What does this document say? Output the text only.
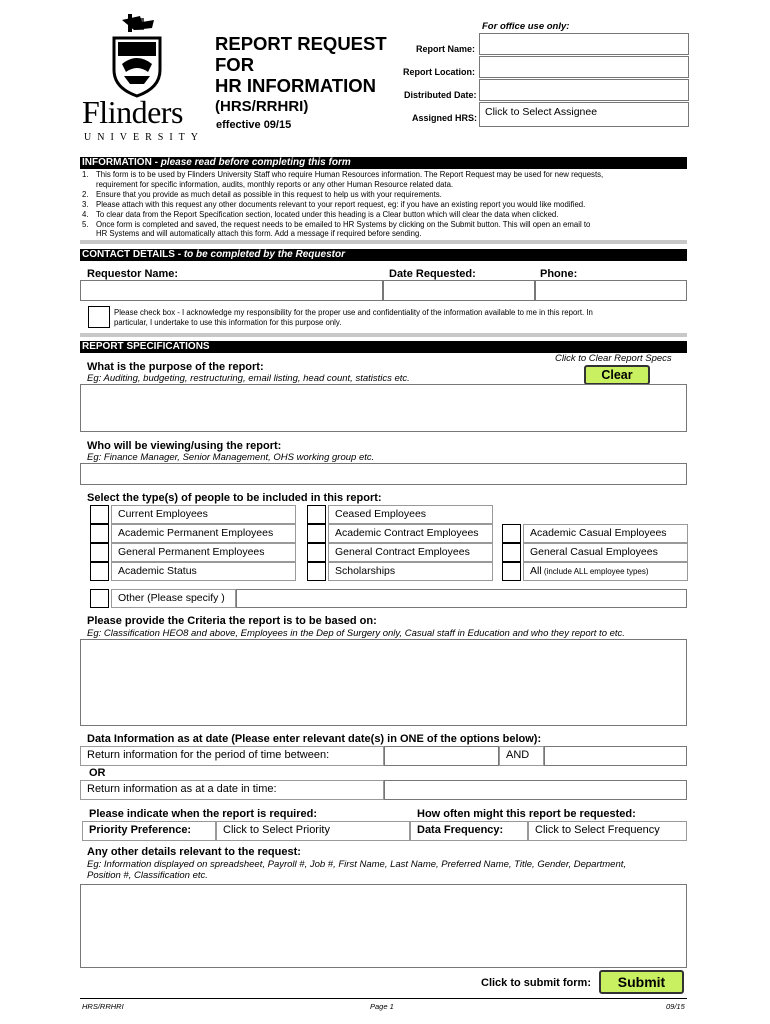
Flinders
UNIVERSITY
REPORT REQUEST
FOR
HR INFORMATION
(HRS/RRHRI)
effective 09/15
For office use only:
Report Name:
Report Location:
Distributed Date:
Assigned HRS: Click to Select Assignee
INFORMATION - please read before completing this form
1. This form is to be used by Flinders University Staff who require Human Resources information. The Report Request may be used for new requests,
requirement for specific information, audits, monthly reports or any other Human Resource related data.
2. Ensure that you provide as much detail as possible in this request to help us with your requirements.
3. Please attach with this request any other documents relevant to your report request, eg: if you have an existing report you would like modified.
4. To clear data from the Report Specification section, located under this heading is a Clear button which will clear the data when clicked.
5. Once form is completed and saved, the request needs to be emailed to HR Systems by clicking on the Submit button. This will open an email to
HR Systems and will automatically attach this form. Add a message if required before sending.
CONTACT DETAILS - to be completed by the Requestor
Requestor Name:	Date Requested:	Phone:
Please check box - I acknowledge my responsibility for the proper use and confidentiality of the information available to me in this report. In
particular, I undertake to use this information for this purpose only.
REPORT SPECIFICATIONS
Click to Clear Report Specs
Clear
What is the purpose of the report:
Eg: Auditing, budgeting, restructuring, email listing, head count, statistics etc.
Who will be viewing/using the report:
Eg: Finance Manager, Senior Management, OHS working group etc.
Select the type(s) of people to be included in this report:
Current Employees	Ceased Employees
Academic Permanent Employees	Academic Contract Employees	Academic Casual Employees
General Permanent Employees	General Contract Employees	General Casual Employees
Academic Status	Scholarships	All (include ALL employee types)
Other (Please specify )
Please provide the Criteria the report is to be based on:
Eg: Classification HEO8 and above, Employees in the Dep of Surgery only, Casual staff in Education and who they report to etc.
Data Information as at date (Please enter relevant date(s) in ONE of the options below):
Return information for the period of time between:	AND
OR
Return information as at a date in time:
Please indicate when the report is required:	How often might this report be requested:
Priority Preference:	Click to Select Priority	Data Frequency:	Click to Select Frequency
Any other details relevant to the request:
Eg: Information displayed on spreadsheet, Payroll #, Job #, First Name, Last Name, Preferred Name, Title, Gender, Department,
Position #, Classification etc.
Click to submit form:	Submit
HRS/RRHRI	Page 1	09/15
